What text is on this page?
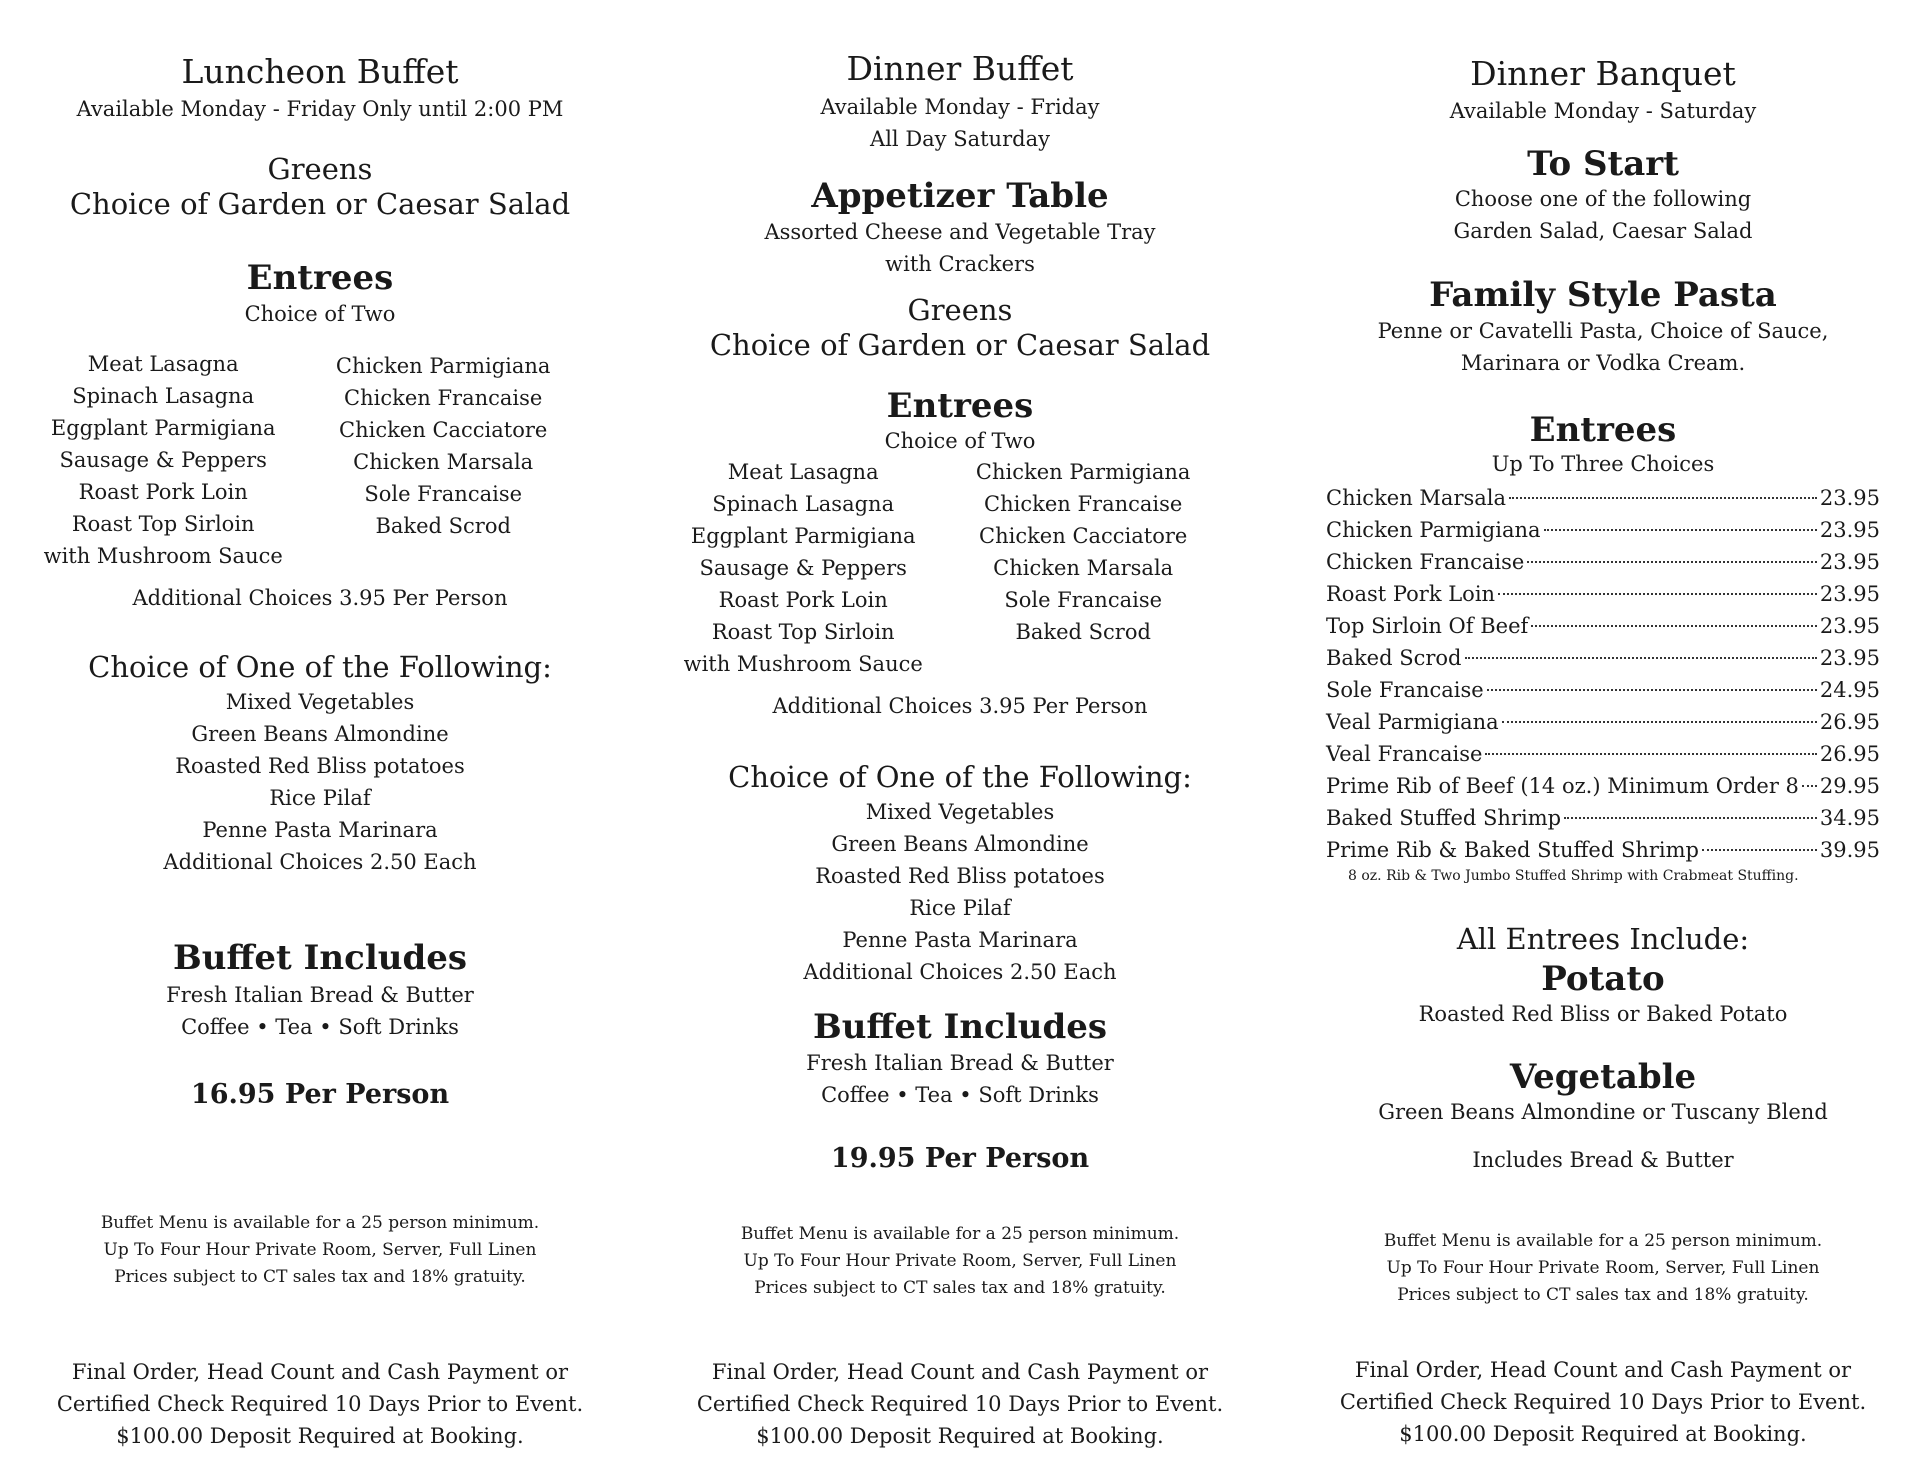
Luncheon Buffet
Available Monday - Friday Only until 2:00 PM
Greens
Choice of Garden or Caesar Salad
Entrees
Choice of Two
Meat Lasagna
Spinach Lasagna
Eggplant Parmigiana
Sausage & Peppers
Roast Pork Loin
Roast Top Sirloin
with Mushroom Sauce
Chicken Parmigiana
Chicken Francaise
Chicken Cacciatore
Chicken Marsala
Sole Francaise
Baked Scrod
Additional Choices 3.95 Per Person
Choice of One of the Following:
Mixed Vegetables
Green Beans Almondine
Roasted Red Bliss potatoes
Rice Pilaf
Penne Pasta Marinara
Additional Choices 2.50 Each
Buffet Includes
Fresh Italian Bread & Butter
Coffee • Tea • Soft Drinks
16.95 Per Person
Buffet Menu is available for a 25 person minimum.
Up To Four Hour Private Room, Server, Full Linen
Prices subject to CT sales tax and 18% gratuity.
Final Order, Head Count and Cash Payment or
Certified Check Required 10 Days Prior to Event.
$100.00 Deposit Required at Booking.
Dinner Buffet
Available Monday - Friday
All Day Saturday
Appetizer Table
Assorted Cheese and Vegetable Tray
with Crackers
Greens
Choice of Garden or Caesar Salad
Entrees
Choice of Two
Meat Lasagna
Spinach Lasagna
Eggplant Parmigiana
Sausage & Peppers
Roast Pork Loin
Roast Top Sirloin
with Mushroom Sauce
Chicken Parmigiana
Chicken Francaise
Chicken Cacciatore
Chicken Marsala
Sole Francaise
Baked Scrod
Additional Choices 3.95 Per Person
Choice of One of the Following:
Mixed Vegetables
Green Beans Almondine
Roasted Red Bliss potatoes
Rice Pilaf
Penne Pasta Marinara
Additional Choices 2.50 Each
Buffet Includes
Fresh Italian Bread & Butter
Coffee • Tea • Soft Drinks
19.95 Per Person
Buffet Menu is available for a 25 person minimum.
Up To Four Hour Private Room, Server, Full Linen
Prices subject to CT sales tax and 18% gratuity.
Final Order, Head Count and Cash Payment or
Certified Check Required 10 Days Prior to Event.
$100.00 Deposit Required at Booking.
Dinner Banquet
Available Monday - Saturday
To Start
Choose one of the following
Garden Salad, Caesar Salad
Family Style Pasta
Penne or Cavatelli Pasta, Choice of Sauce,
Marinara or Vodka Cream.
Entrees
Up To Three Choices
Chicken Marsala	23.95
Chicken Parmigiana	23.95
Chicken Francaise	23.95
Roast Pork Loin	23.95
Top Sirloin Of Beef	23.95
Baked Scrod	23.95
Sole Francaise	24.95
Veal Parmigiana	26.95
Veal Francaise	26.95
Prime Rib of Beef (14 oz.) Minimum Order 8 29.95
Baked Stuffed Shrimp	34.95
Prime Rib & Baked Stuffed Shrimp	39.95
8 oz. Rib & Two Jumbo Stuffed Shrimp with Crabmeat Stuffing.
All Entrees Include:
Potato
Roasted Red Bliss or Baked Potato
Vegetable
Green Beans Almondine or Tuscany Blend
Includes Bread & Butter
Buffet Menu is available for a 25 person minimum.
Up To Four Hour Private Room, Server, Full Linen
Prices subject to CT sales tax and 18% gratuity.
Final Order, Head Count and Cash Payment or
Certified Check Required 10 Days Prior to Event.
$100.00 Deposit Required at Booking.
